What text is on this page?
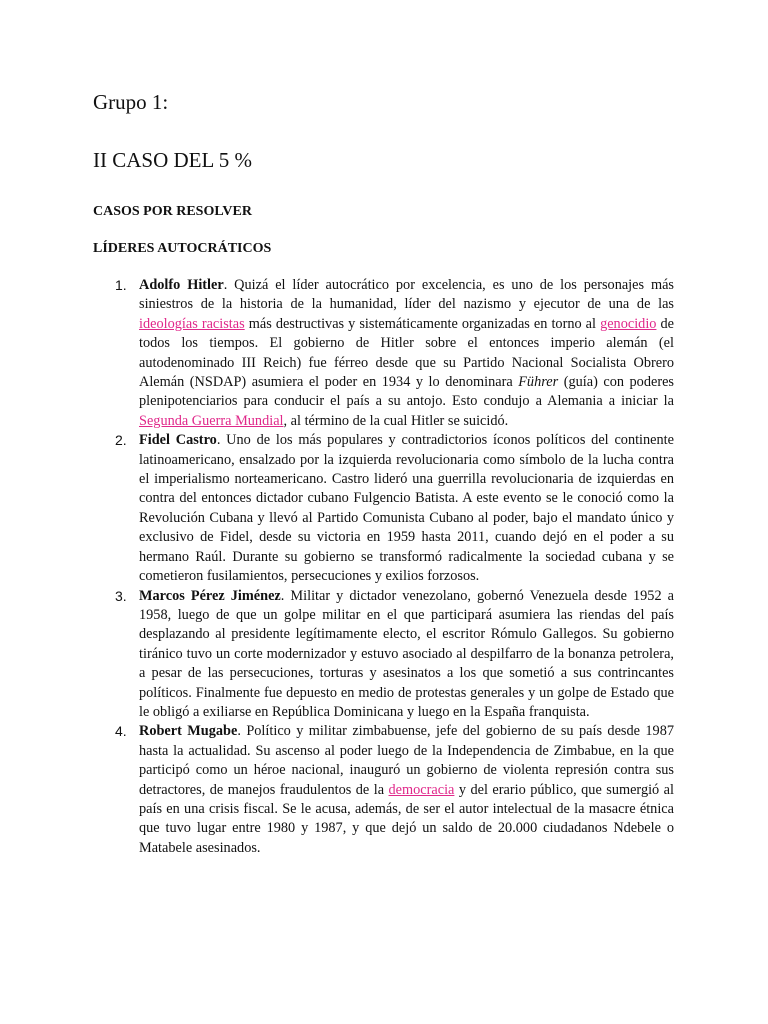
Grupo 1:
II CASO DEL 5 %

CASOS POR RESOLVER

LÍDERES AUTOCRÁTICOS

1. Adolfo Hitler. Quizá el líder autocrático por excelencia, es uno de los personajes más siniestros de la historia de la humanidad, líder del nazismo y ejecutor de una de las ideologías racistas más destructivas y sistemáticamente organizadas en torno al genocidio de todos los tiempos. El gobierno de Hitler sobre el entonces imperio alemán (el autodenominado III Reich) fue férreo desde que su Partido Nacional Socialista Obrero Alemán (NSDAP) asumiera el poder en 1934 y lo denominara Führer (guía) con poderes plenipotenciarios para conducir el país a su antojo. Esto condujo a Alemania a iniciar la Segunda Guerra Mundial, al término de la cual Hitler se suicidó.
2. Fidel Castro. Uno de los más populares y contradictorios íconos políticos del continente latinoamericano, ensalzado por la izquierda revolucionaria como símbolo de la lucha contra el imperialismo norteamericano. Castro lideró una guerrilla revolucionaria de izquierdas en contra del entonces dictador cubano Fulgencio Batista. A este evento se le conoció como la Revolución Cubana y llevó al Partido Comunista Cubano al poder, bajo el mandato único y exclusivo de Fidel, desde su victoria en 1959 hasta 2011, cuando dejó en el poder a su hermano Raúl. Durante su gobierno se transformó radicalmente la sociedad cubana y se cometieron fusilamientos, persecuciones y exilios forzosos.
3. Marcos Pérez Jiménez. Militar y dictador venezolano, gobernó Venezuela desde 1952 a 1958, luego de que un golpe militar en el que participará asumiera las riendas del país desplazando al presidente legítimamente electo, el escritor Rómulo Gallegos. Su gobierno tiránico tuvo un corte modernizador y estuvo asociado al despilfarro de la bonanza petrolera, a pesar de las persecuciones, torturas y asesinatos a los que sometió a sus contrincantes políticos. Finalmente fue depuesto en medio de protestas generales y un golpe de Estado que le obligó a exiliarse en República Dominicana y luego en la España franquista.
4. Robert Mugabe. Político y militar zimbabuense, jefe del gobierno de su país desde 1987 hasta la actualidad. Su ascenso al poder luego de la Independencia de Zimbabue, en la que participó como un héroe nacional, inauguró un gobierno de violenta represión contra sus detractores, de manejos fraudulentos de la democracia y del erario público, que sumergió al país en una crisis fiscal. Se le acusa, además, de ser el autor intelectual de la masacre étnica que tuvo lugar entre 1980 y 1987, y que dejó un saldo de 20.000 ciudadanos Ndebele o Matabele asesinados.
